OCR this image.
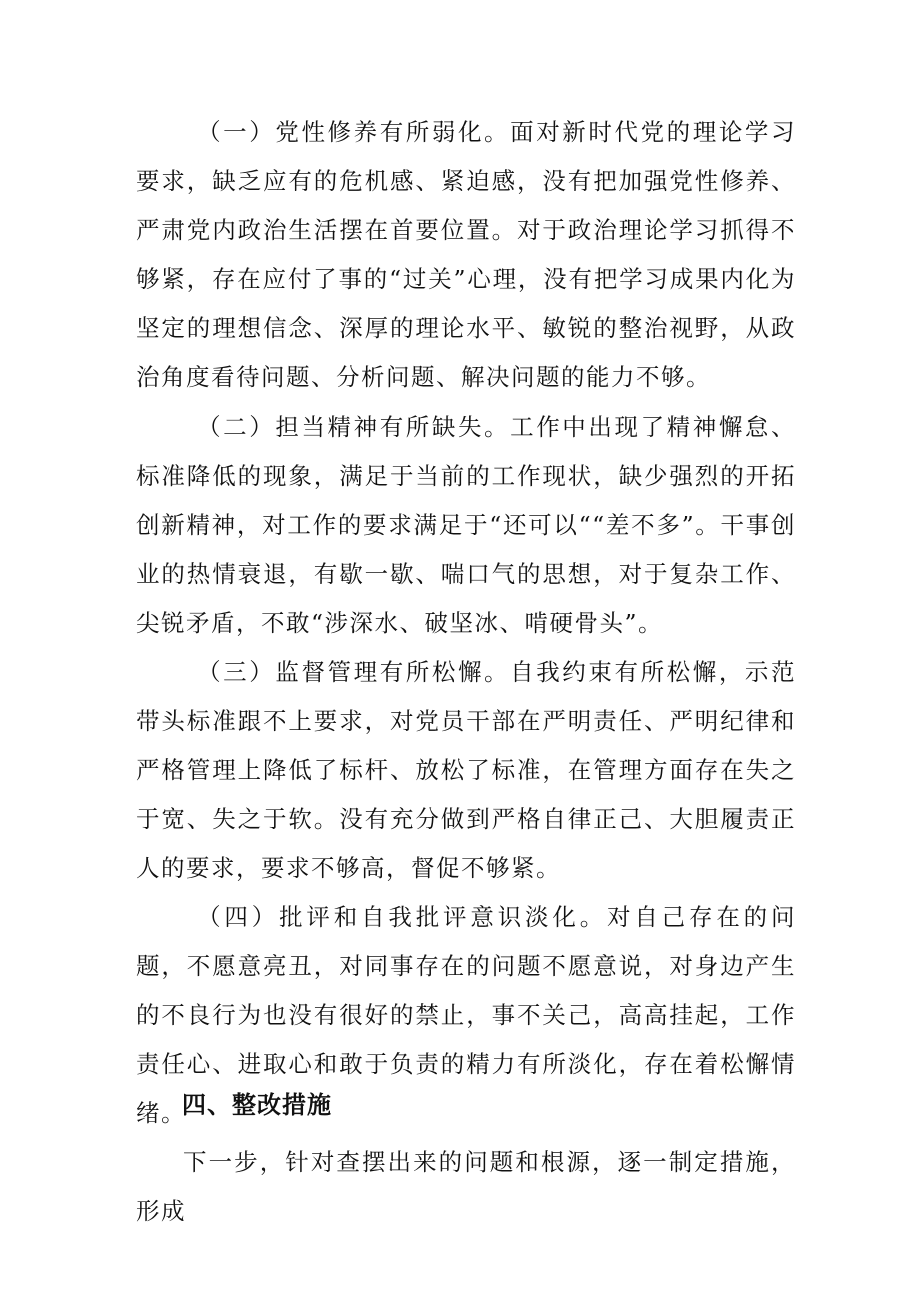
（一）党性修养有所弱化。面对新时代党的理论学习要求，缺乏应有的危机感、紧迫感，没有把加强党性修养、严肃党内政治生活摆在首要位置。对于政治理论学习抓得不够紧，存在应付了事的“过关”心理，没有把学习成果内化为坚定的理想信念、深厚的理论水平、敏锐的整治视野，从政治角度看待问题、分析问题、解决问题的能力不够。

（二）担当精神有所缺失。工作中出现了精神懈怠、标准降低的现象，满足于当前的工作现状，缺少强烈的开拓创新精神，对工作的要求满足于“还可以““差不多”。干事创业的热情衰退，有歇一歇、喘口气的思想，对于复杂工作、尖锐矛盾，不敢“涉深水、破坚冰、啃硬骨头”。

（三）监督管理有所松懈。自我约束有所松懈，示范带头标准跟不上要求，对党员干部在严明责任、严明纪律和严格管理上降低了标杆、放松了标准，在管理方面存在失之于宽、失之于软。没有充分做到严格自律正己、大胆履责正人的要求，要求不够高，督促不够紧。

（四）批评和自我批评意识淡化。对自己存在的问题，不愿意亮丑，对同事存在的问题不愿意说，对身边产生的不良行为也没有很好的禁止，事不关己，高高挂起，工作责任心、进取心和敢于负责的精力有所淡化，存在着松懈情绪。

四、整改措施

下一步，针对查摆出来的问题和根源，逐一制定措施，形成
